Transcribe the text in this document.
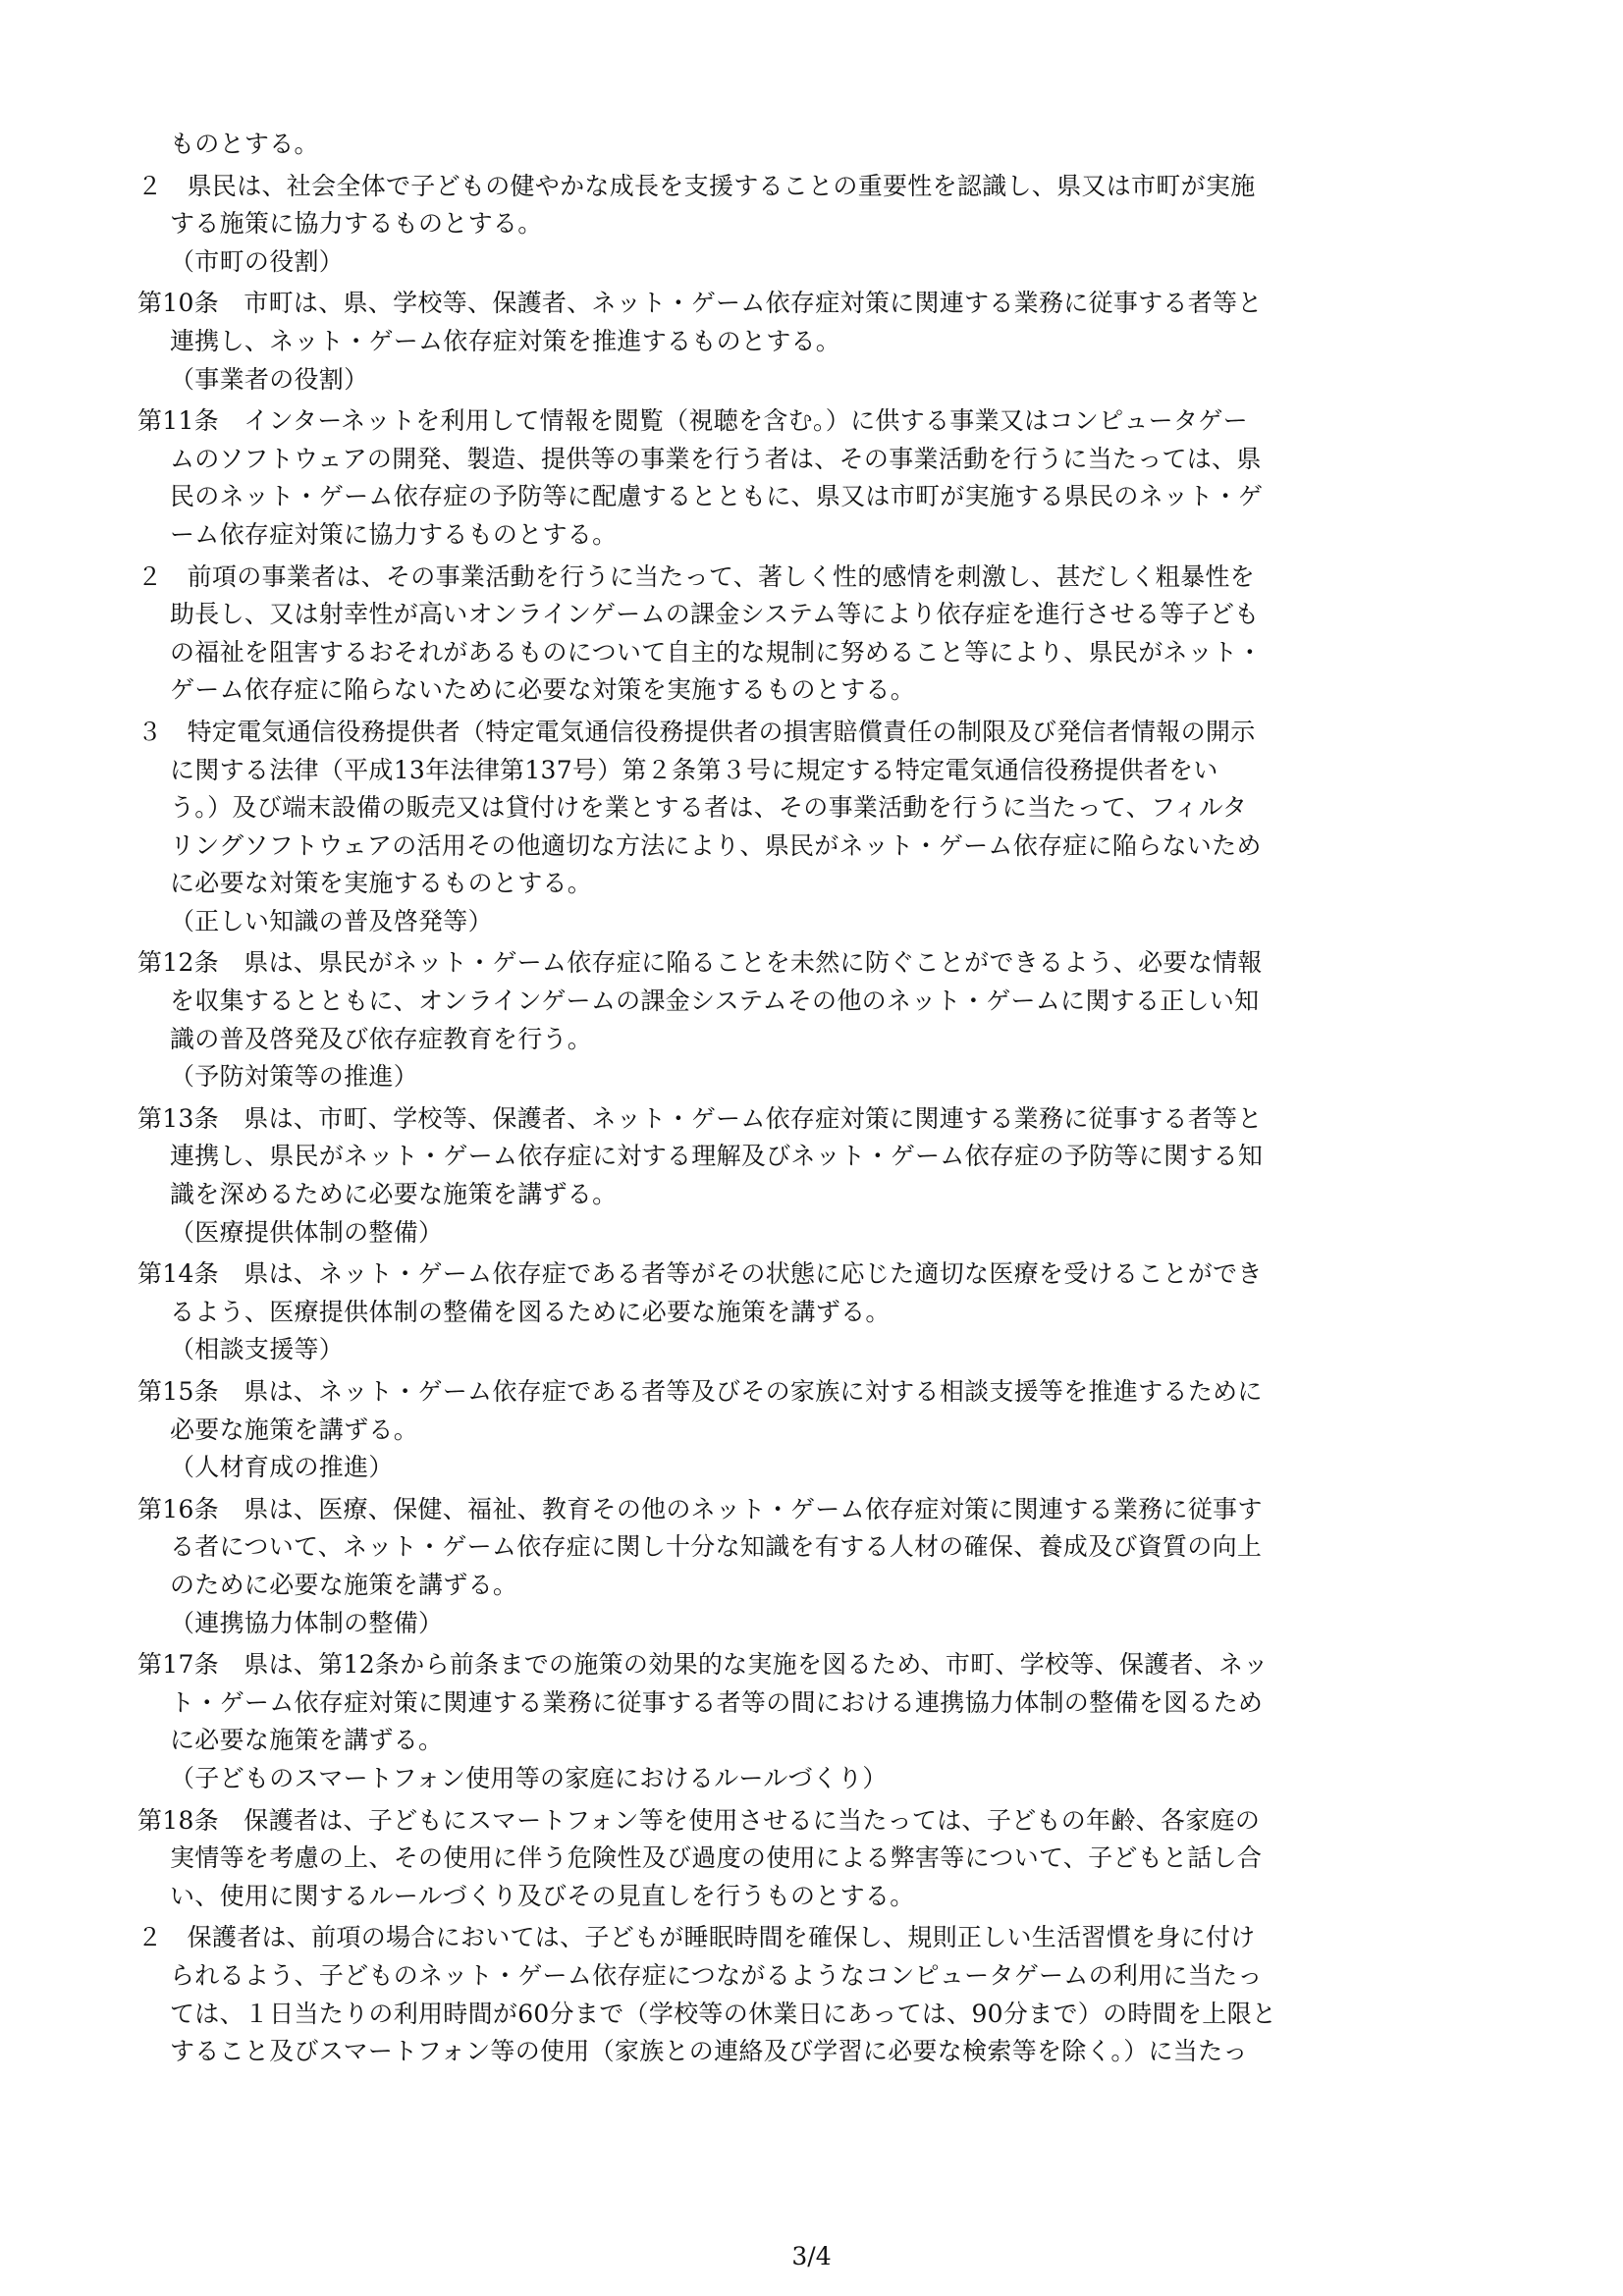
ものとする。
２　県民は、社会全体で子どもの健やかな成長を支援することの重要性を認識し、県又は市町が実施
する施策に協力するものとする。
（市町の役割）
第10条　市町は、県、学校等、保護者、ネット・ゲーム依存症対策に関連する業務に従事する者等と
連携し、ネット・ゲーム依存症対策を推進するものとする。
（事業者の役割）
第11条　インターネットを利用して情報を閲覧（視聴を含む。）に供する事業又はコンピュータゲー
ムのソフトウェアの開発、製造、提供等の事業を行う者は、その事業活動を行うに当たっては、県
民のネット・ゲーム依存症の予防等に配慮するとともに、県又は市町が実施する県民のネット・ゲ
ーム依存症対策に協力するものとする。
２　前項の事業者は、その事業活動を行うに当たって、著しく性的感情を刺激し、甚だしく粗暴性を
助長し、又は射幸性が高いオンラインゲームの課金システム等により依存症を進行させる等子ども
の福祉を阻害するおそれがあるものについて自主的な規制に努めること等により、県民がネット・
ゲーム依存症に陥らないために必要な対策を実施するものとする。
３　特定電気通信役務提供者（特定電気通信役務提供者の損害賠償責任の制限及び発信者情報の開示
に関する法律（平成13年法律第137号）第２条第３号に規定する特定電気通信役務提供者をい
う。）及び端末設備の販売又は貸付けを業とする者は、その事業活動を行うに当たって、フィルタ
リングソフトウェアの活用その他適切な方法により、県民がネット・ゲーム依存症に陥らないため
に必要な対策を実施するものとする。
（正しい知識の普及啓発等）
第12条　県は、県民がネット・ゲーム依存症に陥ることを未然に防ぐことができるよう、必要な情報
を収集するとともに、オンラインゲームの課金システムその他のネット・ゲームに関する正しい知
識の普及啓発及び依存症教育を行う。
（予防対策等の推進）
第13条　県は、市町、学校等、保護者、ネット・ゲーム依存症対策に関連する業務に従事する者等と
連携し、県民がネット・ゲーム依存症に対する理解及びネット・ゲーム依存症の予防等に関する知
識を深めるために必要な施策を講ずる。
（医療提供体制の整備）
第14条　県は、ネット・ゲーム依存症である者等がその状態に応じた適切な医療を受けることができ
るよう、医療提供体制の整備を図るために必要な施策を講ずる。
（相談支援等）
第15条　県は、ネット・ゲーム依存症である者等及びその家族に対する相談支援等を推進するために
必要な施策を講ずる。
（人材育成の推進）
第16条　県は、医療、保健、福祉、教育その他のネット・ゲーム依存症対策に関連する業務に従事す
る者について、ネット・ゲーム依存症に関し十分な知識を有する人材の確保、養成及び資質の向上
のために必要な施策を講ずる。
（連携協力体制の整備）
第17条　県は、第12条から前条までの施策の効果的な実施を図るため、市町、学校等、保護者、ネッ
ト・ゲーム依存症対策に関連する業務に従事する者等の間における連携協力体制の整備を図るため
に必要な施策を講ずる。
（子どものスマートフォン使用等の家庭におけるルールづくり）
第18条　保護者は、子どもにスマートフォン等を使用させるに当たっては、子どもの年齢、各家庭の
実情等を考慮の上、その使用に伴う危険性及び過度の使用による弊害等について、子どもと話し合
い、使用に関するルールづくり及びその見直しを行うものとする。
２　保護者は、前項の場合においては、子どもが睡眠時間を確保し、規則正しい生活習慣を身に付け
られるよう、子どものネット・ゲーム依存症につながるようなコンピュータゲームの利用に当たっ
ては、１日当たりの利用時間が60分まで（学校等の休業日にあっては、90分まで）の時間を上限と
すること及びスマートフォン等の使用（家族との連絡及び学習に必要な検索等を除く。）に当たっ
3/4
